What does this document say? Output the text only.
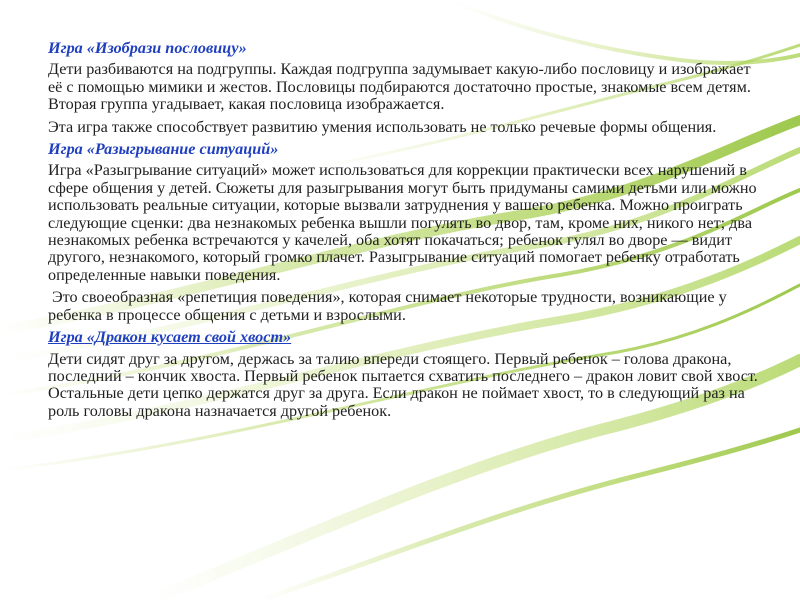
Игра «Изобрази пословицу»

Дети разбиваются на подгруппы. Каждая подгруппа задумывает какую-либо пословицу и изображает её с помощью мимики и жестов. Пословицы подбираются достаточно простые, знакомые всем детям. Вторая группа угадывает, какая пословица изображается.

Эта игра также способствует развитию умения использовать не только речевые формы общения.

Игра «Разыгрывание ситуаций»

Игра «Разыгрывание ситуаций» может использоваться для коррекции практически всех нарушений в сфере общения у детей. Сюжеты для разыгрывания могут быть придуманы самими детьми или можно использовать реальные ситуации, которые вызвали затруднения у вашего ребенка. Можно проиграть следующие сценки: два незнакомых ребенка вышли погулять во двор, там, кроме них, никого нет; два незнакомых ребенка встречаются у качелей, оба хотят покачаться; ребенок гулял во дворе — видит другого, незнакомого, который громко плачет. Разыгрывание ситуаций помогает ребенку отработать определенные навыки поведения.

Это своеобразная «репетиция поведения», которая снимает некоторые трудности, возникающие у ребенка в процессе общения с детьми и взрослыми.

Игра «Дракон кусает свой хвост»

Дети сидят друг за другом, держась за талию впереди стоящего. Первый ребенок – голова дракона, последний – кончик хвоста. Первый ребенок пытается схватить последнего – дракон ловит свой хвост. Остальные дети цепко держатся друг за друга. Если дракон не поймает хвост, то в следующий раз на роль головы дракона назначается другой ребенок.
